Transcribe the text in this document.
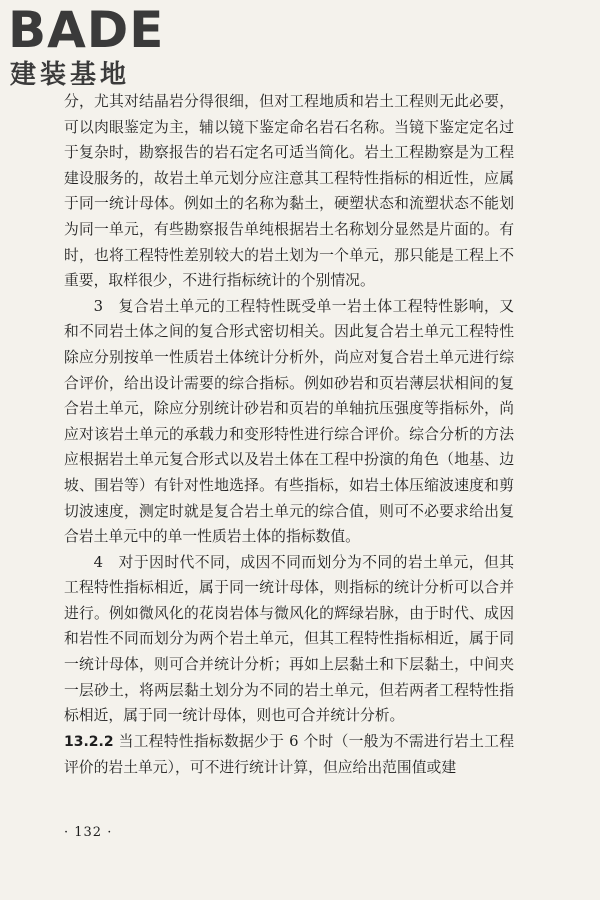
BADE
建装基地

分，尤其对结晶岩分得很细，但对工程地质和岩土工程则无此必要，可以肉眼鉴定为主，辅以镜下鉴定命名岩石名称。当镜下鉴定定名过于复杂时，勘察报告的岩石定名可适当简化。岩土工程勘察是为工程建设服务的，故岩土单元划分应注意其工程特性指标的相近性，应属于同一统计母体。例如土的名称为黏土，硬塑状态和流塑状态不能划为同一单元，有些勘察报告单纯根据岩土名称划分显然是片面的。有时，也将工程特性差别较大的岩土划为一个单元，那只能是工程上不重要，取样很少，不进行指标统计的个别情况。

3　复合岩土单元的工程特性既受单一岩土体工程特性影响，又和不同岩土体之间的复合形式密切相关。因此复合岩土单元工程特性除应分别按单一性质岩土体统计分析外，尚应对复合岩土单元进行综合评价，给出设计需要的综合指标。例如砂岩和页岩薄层状相间的复合岩土单元，除应分别统计砂岩和页岩的单轴抗压强度等指标外，尚应对该岩土单元的承载力和变形特性进行综合评价。综合分析的方法应根据岩土单元复合形式以及岩土体在工程中扮演的角色（地基、边坡、围岩等）有针对性地选择。有些指标，如岩土体压缩波速度和剪切波速度，测定时就是复合岩土单元的综合值，则可不必要求给出复合岩土单元中的单一性质岩土体的指标数值。

4　对于因时代不同，成因不同而划分为不同的岩土单元，但其工程特性指标相近，属于同一统计母体，则指标的统计分析可以合并进行。例如微风化的花岗岩体与微风化的辉绿岩脉，由于时代、成因和岩性不同而划分为两个岩土单元，但其工程特性指标相近，属于同一统计母体，则可合并统计分析；再如上层黏土和下层黏土，中间夹一层砂土，将两层黏土划分为不同的岩土单元，但若两者工程特性指标相近，属于同一统计母体，则也可合并统计分析。

13.2.2 当工程特性指标数据少于 6 个时（一般为不需进行岩土工程评价的岩土单元），可不进行统计计算，但应给出范围值或建

· 132 ·
